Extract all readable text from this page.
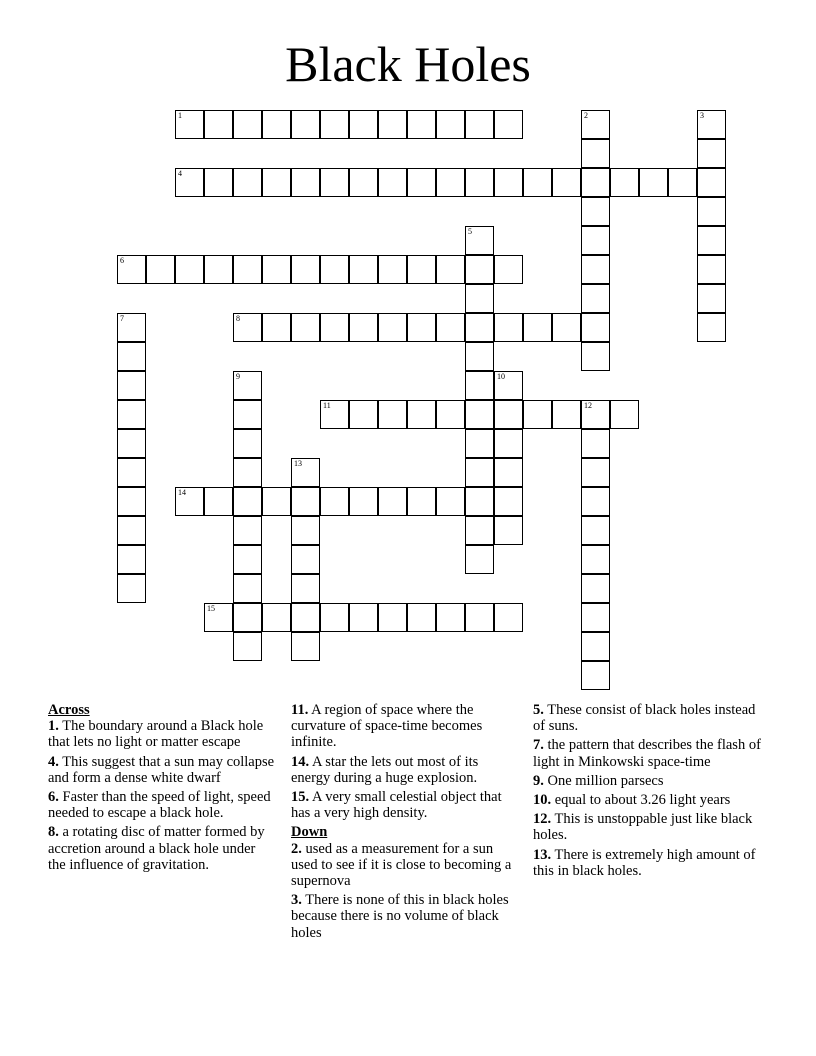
Black Holes
1	2	3
4
5
6
7	8
9	10
11	12
13
14
15
Across
1. The boundary around a Black hole that lets no light or matter escape
4. This suggest that a sun may collapse and form a dense white dwarf
6. Faster than the speed of light, speed needed to escape a black hole.
8. a rotating disc of matter formed by accretion around a black hole under the influence of gravitation.
11. A region of space where the curvature of space-time becomes infinite.
14. A star the lets out most of its energy during a huge explosion.
15. A very small celestial object that has a very high density.
Down
2. used as a measurement for a sun used to see if it is close to becoming a supernova
3. There is none of this in black holes because there is no volume of black holes
5. These consist of black holes instead of suns.
7. the pattern that describes the flash of light in Minkowski space-time
9. One million parsecs
10. equal to about 3.26 light years
12. This is unstoppable just like black holes.
13. There is extremely high amount of this in black holes.
